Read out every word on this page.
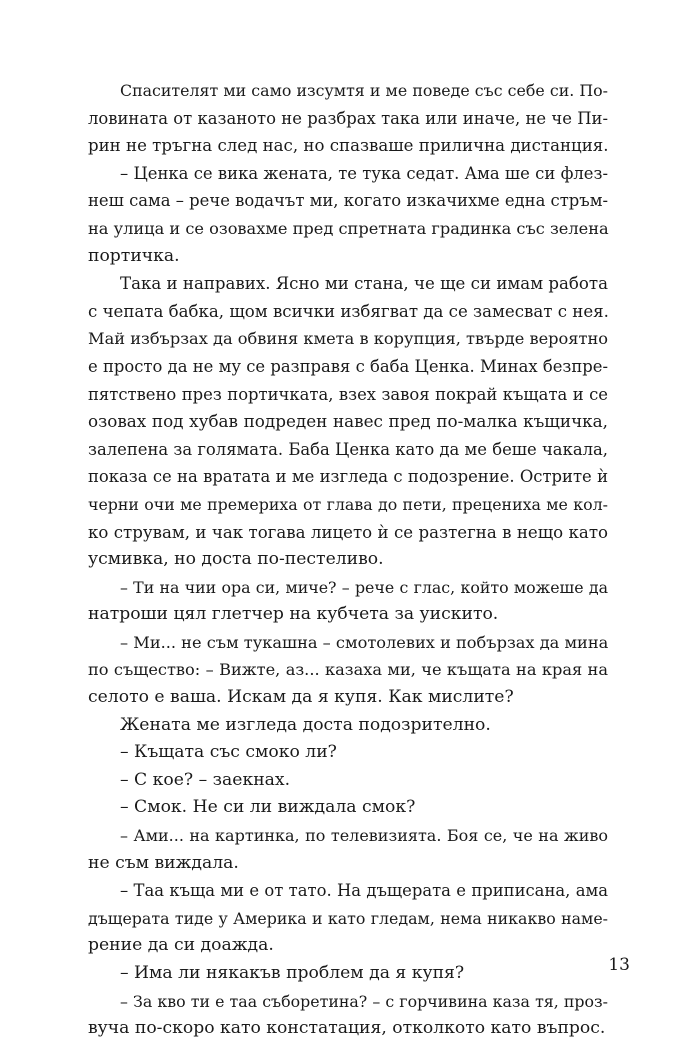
Спасителят ми само изсумтя и ме поведе със себе си. По-
ловината от казаното не разбрах така или иначе, не че Пи-
рин не тръгна след нас, но спазваше прилична дистанция.
– Ценка се вика жената, те тука седат. Ама ше си флез-
неш сама – рече водачът ми, когато изкачихме една стръм-
на улица и се озовахме пред спретната градинка със зелена
портичка.
Така и направих. Ясно ми стана, че ще си имам работа
с чепата бабка, щом всички избягват да се замесват с нея.
Май избързах да обвиня кмета в корупция, твърде вероятно
е просто да не му се разправя с баба Ценка. Минах безпре-
пятствено през портичката, взех завоя покрай къщата и се
озовах под хубав подреден навес пред по-малка къщичка,
залепена за голямата. Баба Ценка като да ме беше чакала,
показа се на вратата и ме изгледа с подозрение. Острите ѝ
черни очи ме премериха от глава до пети, прецениха ме кол-
ко струвам, и чак тогава лицето ѝ се разтегна в нещо като
усмивка, но доста по-пестеливо.
– Ти на чии ора си, миче? – рече с глас, който можеше да
натроши цял глетчер на кубчета за уискито.
– Ми... не съм тукашна – смотолевих и побързах да мина
по същество: – Вижте, аз... казаха ми, че къщата на края на
селото е ваша. Искам да я купя. Как мислите?
Жената ме изгледа доста подозрително.
– Къщата със смоко ли?
– С кое? – заекнах.
– Смок. Не си ли виждала смок?
– Ами... на картинка, по телевизията. Боя се, че на живо
не съм виждала.
– Таа къща ми е от тато. На дъщерата е приписана, ама
дъщерата тиде у Америка и като гледам, нема никакво наме-
рение да си доажда.
– Има ли някакъв проблем да я купя?
– За кво ти е таа съборетина? – с горчивина каза тя, проз-
вуча по-скоро като констатация, отколкото като въпрос.
13
